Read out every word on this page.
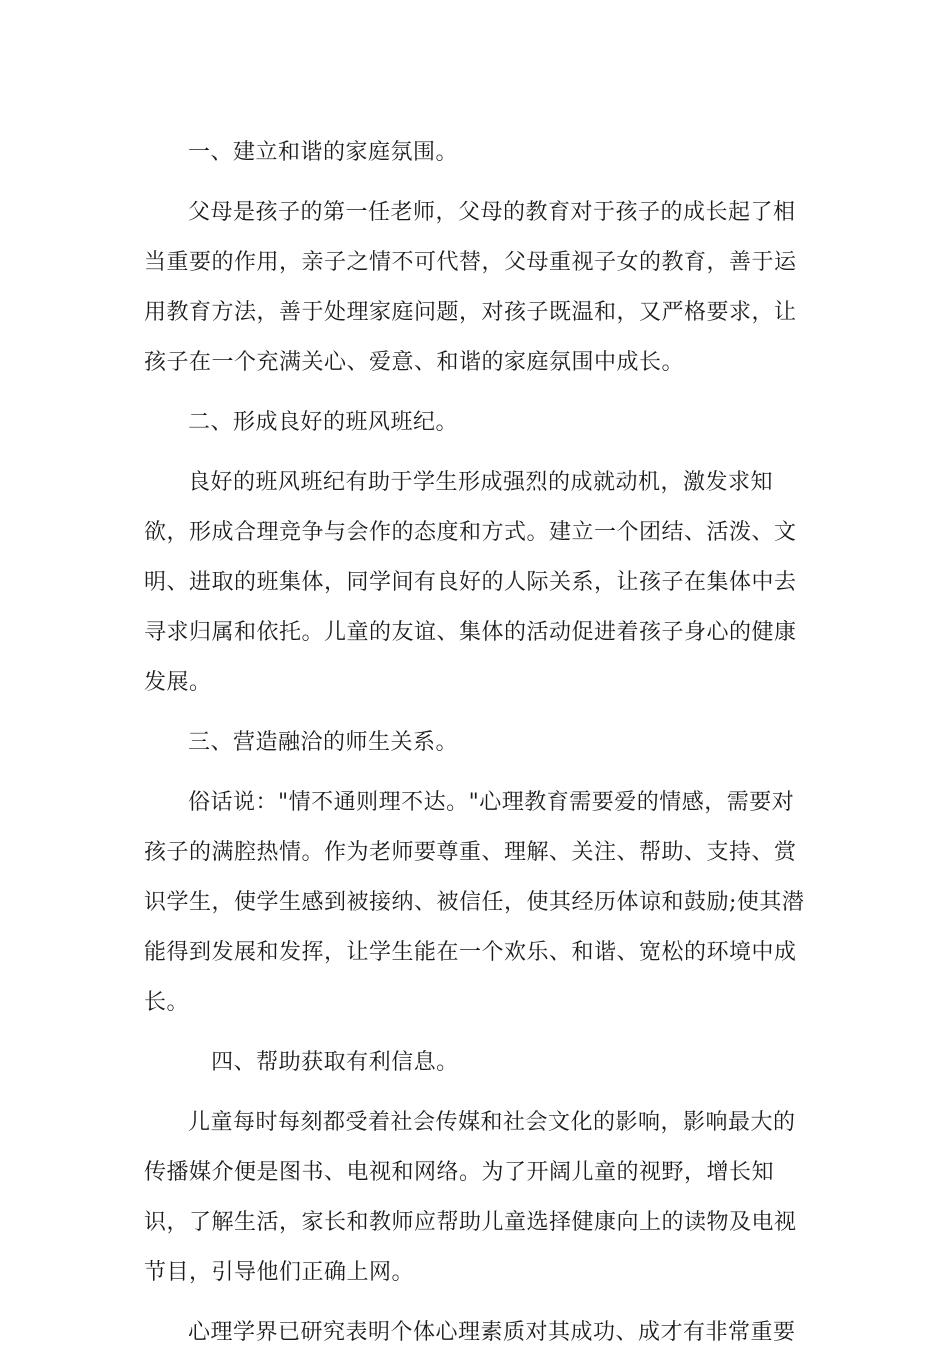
一、建立和谐的家庭氛围。

父母是孩子的第一任老师，父母的教育对于孩子的成长起了相当重要的作用，亲子之情不可代替，父母重视子女的教育，善于运用教育方法，善于处理家庭问题，对孩子既温和，又严格要求，让孩子在一个充满关心、爱意、和谐的家庭氛围中成长。

二、形成良好的班风班纪。

良好的班风班纪有助于学生形成强烈的成就动机，激发求知欲，形成合理竞争与会作的态度和方式。建立一个团结、活泼、文明、进取的班集体，同学间有良好的人际关系，让孩子在集体中去寻求归属和依托。儿童的友谊、集体的活动促进着孩子身心的健康发展。

三、营造融洽的师生关系。

俗话说："情不通则理不达。"心理教育需要爱的情感，需要对孩子的满腔热情。作为老师要尊重、理解、关注、帮助、支持、赏识学生，使学生感到被接纳、被信任，使其经历体谅和鼓励;使其潜能得到发展和发挥，让学生能在一个欢乐、和谐、宽松的环境中成长。

四、帮助获取有利信息。

儿童每时每刻都受着社会传媒和社会文化的影响，影响最大的传播媒介便是图书、电视和网络。为了开阔儿童的视野，增长知识，了解生活，家长和教师应帮助儿童选择健康向上的读物及电视节目，引导他们正确上网。

心理学界已研究表明个体心理素质对其成功、成才有非常重要
